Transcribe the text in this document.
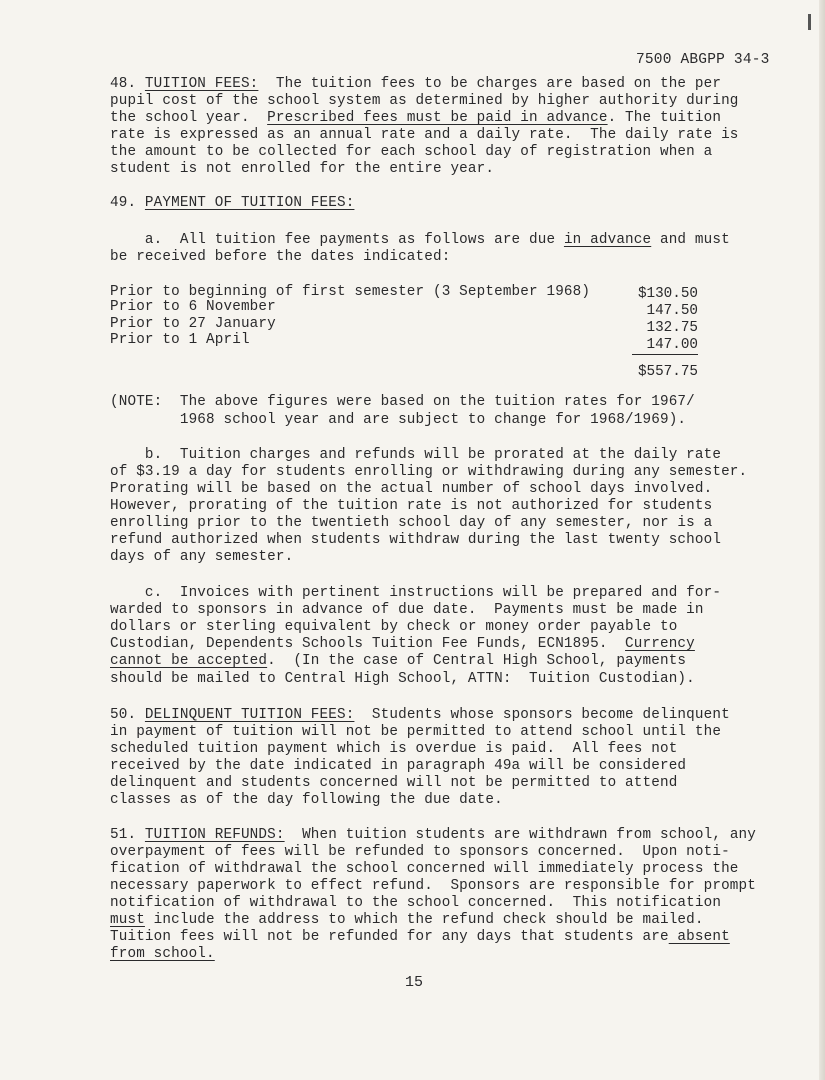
7500 ABGPP 34-3
48. TUITION FEES:  The tuition fees to be charges are based on the per
pupil cost of the school system as determined by higher authority during
the school year.  Prescribed fees must be paid in advance. The tuition
rate is expressed as an annual rate and a daily rate.  The daily rate is
the amount to be collected for each school day of registration when a
student is not enrolled for the entire year.
49. PAYMENT OF TUITION FEES:
a.  All tuition fee payments as follows are due in advance and must
be received before the dates indicated:
Prior to beginning of first semester (3 September 1968)	$130.50
Prior to 6 November	147.50
Prior to 27 January	132.75
Prior to 1 April	147.00
$557.75
(NOTE:  The above figures were based on the tuition rates for 1967/
1968 school year and are subject to change for 1968/1969).
b.  Tuition charges and refunds will be prorated at the daily rate
of $3.19 a day for students enrolling or withdrawing during any semester.
Prorating will be based on the actual number of school days involved.
However, prorating of the tuition rate is not authorized for students
enrolling prior to the twentieth school day of any semester, nor is a
refund authorized when students withdraw during the last twenty school
days of any semester.
c.  Invoices with pertinent instructions will be prepared and for-
warded to sponsors in advance of due date.  Payments must be made in
dollars or sterling equivalent by check or money order payable to
Custodian, Dependents Schools Tuition Fee Funds, ECN1895.  Currency
cannot be accepted.  (In the case of Central High School, payments
should be mailed to Central High School, ATTN:  Tuition Custodian).
50. DELINQUENT TUITION FEES:  Students whose sponsors become delinquent
in payment of tuition will not be permitted to attend school until the
scheduled tuition payment which is overdue is paid.  All fees not
received by the date indicated in paragraph 49a will be considered
delinquent and students concerned will not be permitted to attend
classes as of the day following the due date.
51. TUITION REFUNDS:  When tuition students are withdrawn from school, any
overpayment of fees will be refunded to sponsors concerned.  Upon noti-
fication of withdrawal the school concerned will immediately process the
necessary paperwork to effect refund.  Sponsors are responsible for prompt
notification of withdrawal to the school concerned.  This notification
must include the address to which the refund check should be mailed.
Tuition fees will not be refunded for any days that students are absent
from school.
15
